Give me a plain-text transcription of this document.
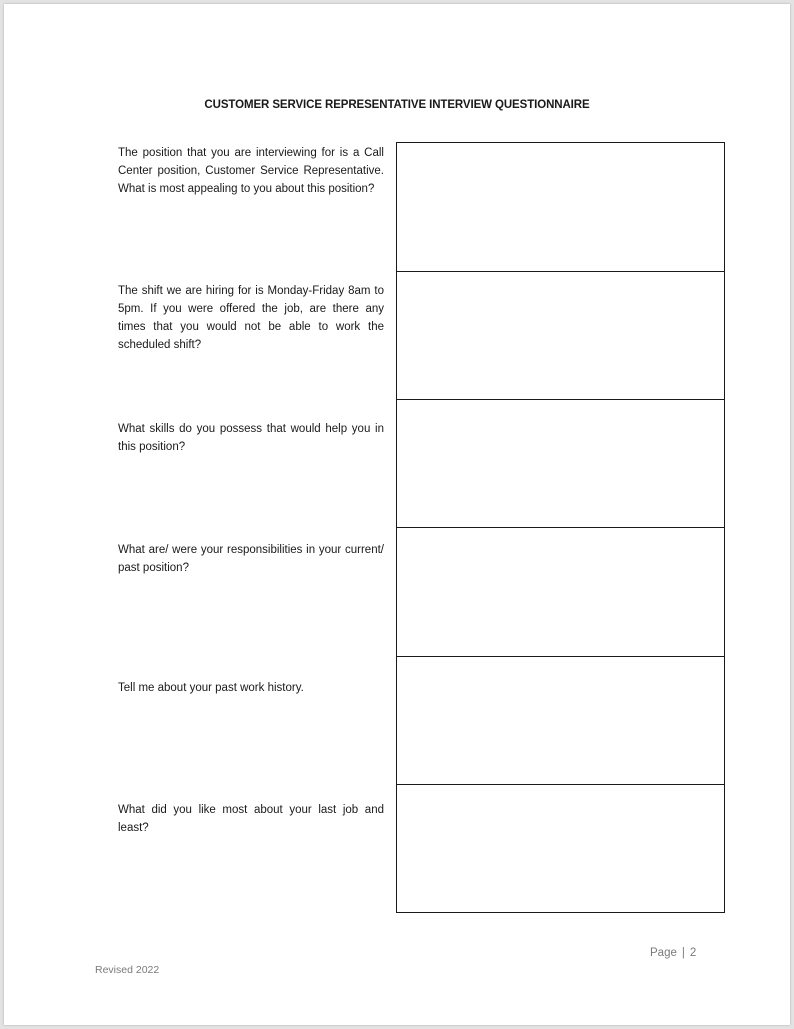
CUSTOMER SERVICE REPRESENTATIVE INTERVIEW QUESTIONNAIRE
The position that you are interviewing for is a Call Center position, Customer Service Representative. What is most appealing to you about this position?
The shift we are hiring for is Monday-Friday 8am to 5pm. If you were offered the job, are there any times that you would not be able to work the scheduled shift?
What skills do you possess that would help you in this position?
What are/ were your responsibilities in your current/ past position?
Tell me about your past work history.
What did you like most about your last job and least?
Page | 2
Revised 2022
